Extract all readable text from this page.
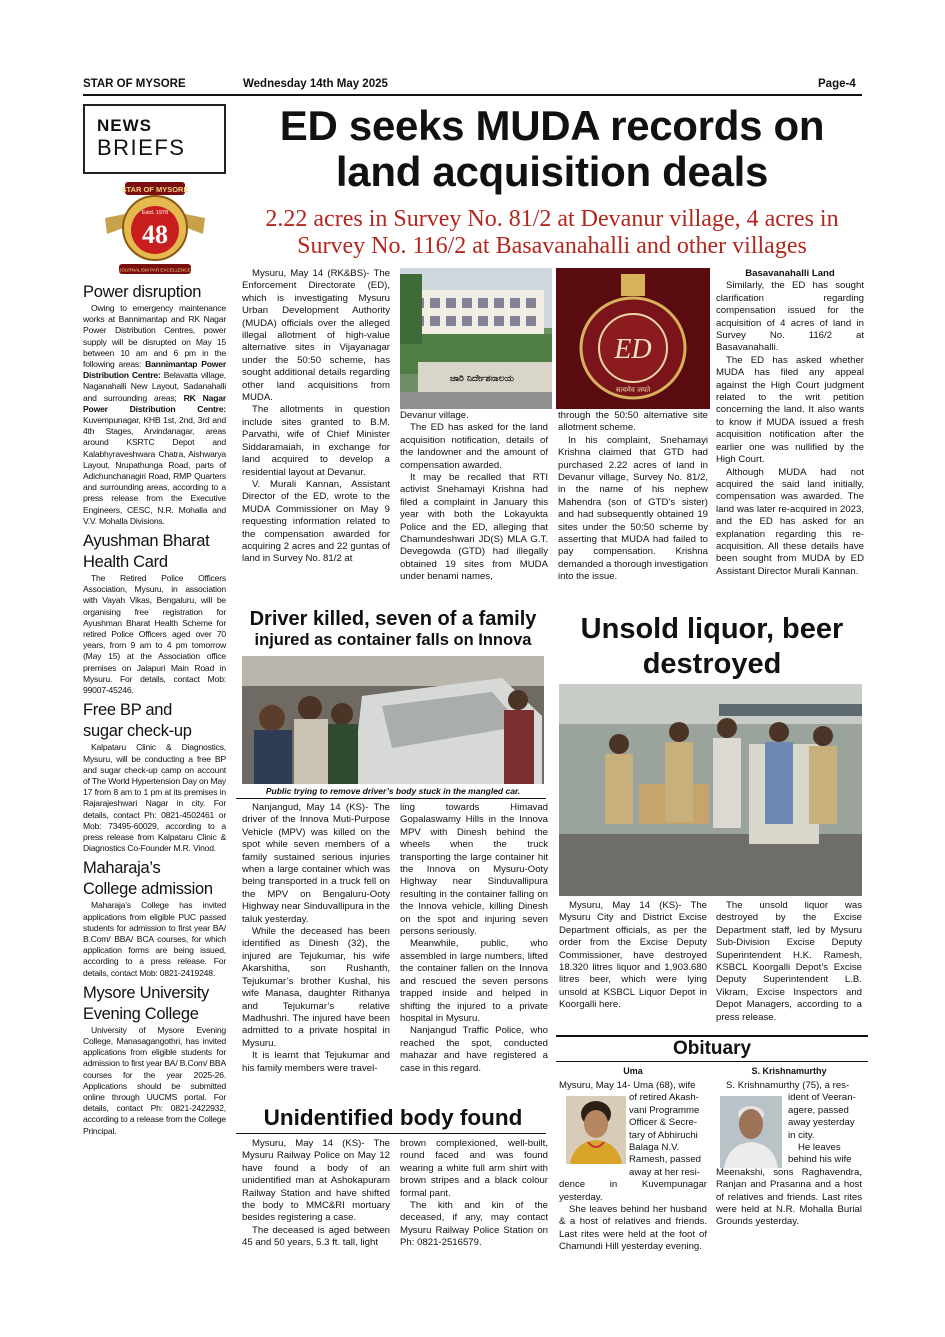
STAR OF MYSORE	Wednesday 14th May 2025	Page-4
NEWS
BRIEFS
STAR OF MYSORE
Estd. 1978
48
JOURNALISM PAR EXCELLENCE
Power disruption
Owing to emergency maintenance works at Bannimantap and RK Nagar Power Distribution Centres, power supply will be disrupted on May 15 between 10 am and 6 pm in the following areas: Bannimantap Power Distribution Centre: Belavatta village, Naganahalli New Layout, Sadanahalli and surrounding areas; RK Nagar Power Distribution Centre: Kuvempunagar, KHB 1st, 2nd, 3rd and 4th Stages, Arvindanagar, areas around KSRTC Depot and Kalabhyraveshwara Chatra, Aishwarya Layout, Nrupathunga Road, parts of Adichunchanagiri Road, RMP Quarters and surrounding areas, according to a press release from the Executive Engineers, CESC, N.R. Mohalla and V.V. Mohalla Divisions.
Ayushman Bharat
Health Card
The Retired Police Officers Association, Mysuru, in association with Vayah Vikas, Bengaluru, will be organising free registration for Ayushman Bharat Health Scheme for retired Police Officers aged over 70 years, from 9 am to 4 pm tomorrow (May 15) at the Association office premises on Jalapuri Main Road in Mysuru. For details, contact Mob: 99007-45246.
Free BP and
sugar check-up
Kalpataru Clinic & Diagnostics, Mysuru, will be conducting a free BP and sugar check-up camp on account of The World Hypertension Day on May 17 from 8 am to 1 pm at its premises in Rajarajeshwari Nagar in city. For details, contact Ph: 0821-4502461 or Mob: 73495-60029, according to a press release from Kalpataru Clinic & Diagnostics Co-Founder M.R. Vinod.
Maharaja’s
College admission
Maharaja’s College has invited applications from eligible PUC passed students for admission to first year BA/ B.Com/ BBA/ BCA courses, for which application forms are being issued, according to a press release. For details, contact Mob: 0821-2419248.
Mysore University
Evening College
University of Mysore Evening College, Manasagangothri, has invited applications from eligible students for admission to first year BA/ B.Com/ BBA courses for the year 2025-26. Applications should be submitted online through UUCMS portal. For details, contact Ph: 0821-2422932, according to a release from the College Principal.
ED seeks MUDA records on
land acquisition deals
2.22 acres in Survey No. 81/2 at Devanur village, 4 acres in
Survey No. 116/2 at Basavanahalli and other villages

Mysuru, May 14 (RK&BS)- The Enforcement Directorate (ED), which is investigating Mysuru Urban Development Authority (MUDA) officials over the alleged illegal allotment of high-value alternative sites in Vijayanagar under the 50:50 scheme, has sought additional details regarding other land acquisitions from MUDA.

The allotments in question include sites granted to B.M. Parvathi, wife of Chief Minister Siddaramaiah, in exchange for land acquired to develop a residential layout at Devanur.

V. Murali Kannan, Assistant Director of the ED, wrote to the MUDA Commissioner on May 9 requesting information related to the compensation awarded for acquiring 2 acres and 22 guntas of land in Survey No. 81/2 at

ಜಾರಿ ನಿರ್ದೇಶನಾಲಯ
ED
सत्यमेव जयते

Devanur village.

The ED has asked for the land acquisition notification, details of the landowner and the amount of compensation awarded.

It may be recalled that RTI activist Snehamayi Krishna had filed a complaint in January this year with both the Lokayukta Police and the ED, alleging that Chamundeshwari JD(S) MLA G.T. Devegowda (GTD) had illegally obtained 19 sites from MUDA under benami names,

through the 50:50 alternative site allotment scheme.

In his complaint, Snehamayi Krishna claimed that GTD had purchased 2.22 acres of land in Devanur village, Survey No. 81/2, in the name of his nephew Mahendra (son of GTD’s sister) and had subsequently obtained 19 sites under the 50:50 scheme by asserting that MUDA had failed to pay compensation. Krishna demanded a thorough investigation into the issue.

Basavanahalli Land

Similarly, the ED has sought clarification regarding compensation issued for the acquisition of 4 acres of land in Survey No. 116/2 at Basavanahalli.

The ED has asked whether MUDA has filed any appeal against the High Court judgment related to the writ petition concerning the land. It also wants to know if MUDA issued a fresh acquisition notification after the earlier one was nullified by the High Court.

Although MUDA had not acquired the said land initially, compensation was awarded. The land was later re-acquired in 2023, and the ED has asked for an explanation regarding this re-acquisition. All these details have been sought from MUDA by ED Assistant Director Murali Kannan.

Driver killed, seven of a family
injured as container falls on Innova
Public trying to remove driver’s body stuck in the mangled car.

Nanjangud, May 14 (KS)- The driver of the Innova Muti-Purpose Vehicle (MPV) was killed on the spot while seven members of a family sustained serious injuries when a large container which was being transported in a truck fell on the MPV on Bengaluru-Ooty Highway near Sinduvallipura in the taluk yesterday.

While the deceased has been identified as Dinesh (32), the injured are Tejukumar, his wife Akarshitha, son Rushanth, Tejukumar’s brother Kushal, his wife Manasa, daughter Rithanya and Tejukumar’s relative Madhushri. The injured have been admitted to a private hospital in Mysuru.

It is learnt that Tejukumar and his family members were travel-

ling towards Himavad Gopalaswamy Hills in the Innova MPV with Dinesh behind the wheels when the truck transporting the large container hit the Innova on Mysuru-Ooty Highway near Sinduvallipura resulting in the container falling on the Innova vehicle, killing Dinesh on the spot and injuring seven persons seriously.

Meanwhile, public, who assembled in large numbers, lifted the container fallen on the Innova and rescued the seven persons trapped inside and helped in shifting the injured to a private hospital in Mysuru.

Nanjangud Traffic Police, who reached the spot, conducted mahazar and have registered a case in this regard.

Unsold liquor, beer
destroyed

Mysuru, May 14 (KS)- The Mysuru City and District Excise Department officials, as per the order from the Excise Deputy Commissioner, have destroyed 18.320 litres liquor and 1,903.680 litres beer, which were lying unsold at KSBCL Liquor Depot in Koorgalli here.

The unsold liquor was destroyed by the Excise Department staff, led by Mysuru Sub-Division Excise Deputy Superintendent H.K. Ramesh, KSBCL Koorgalli Depot’s Excise Deputy Superintendent L.B. Vikram, Excise Inspectors and Depot Managers, according to a press release.

Unidentified body found

Mysuru, May 14 (KS)- The Mysuru Railway Police on May 12 have found a body of an unidentified man at Ashokapuram Railway Station and have shifted the body to MMC&RI mortuary besides registering a case.

The deceased is aged between 45 and 50 years, 5.3 ft. tall, light

brown complexioned, well-built, round faced and was found wearing a white full arm shirt with brown stripes and a black colour formal pant.

The kith and kin of the deceased, if any, may contact Mysuru Railway Police Station on Ph: 0821-2516579.

Obituary
Uma

Mysuru, May 14- Uma (68), wife

of retired Akash-

vani Programme

Officer & Secre-

tary of Abhiruchi

Balaga N.V.

Ramesh, passed

away at her resi-

dence in Kuvempunagar yesterday.

She leaves behind her husband & a host of relatives and friends. Last rites were held at the foot of Chamundi Hill yesterday evening.

S. Krishnamurthy

S. Krishnamurthy (75), a res-

ident of Veeran-

agere, passed

away yesterday

in city.

He leaves

behind his wife

Meenakshi, sons Raghavendra, Ranjan and Prasanna and a host of relatives and friends. Last rites were held at N.R. Mohalla Burial Grounds yesterday.
